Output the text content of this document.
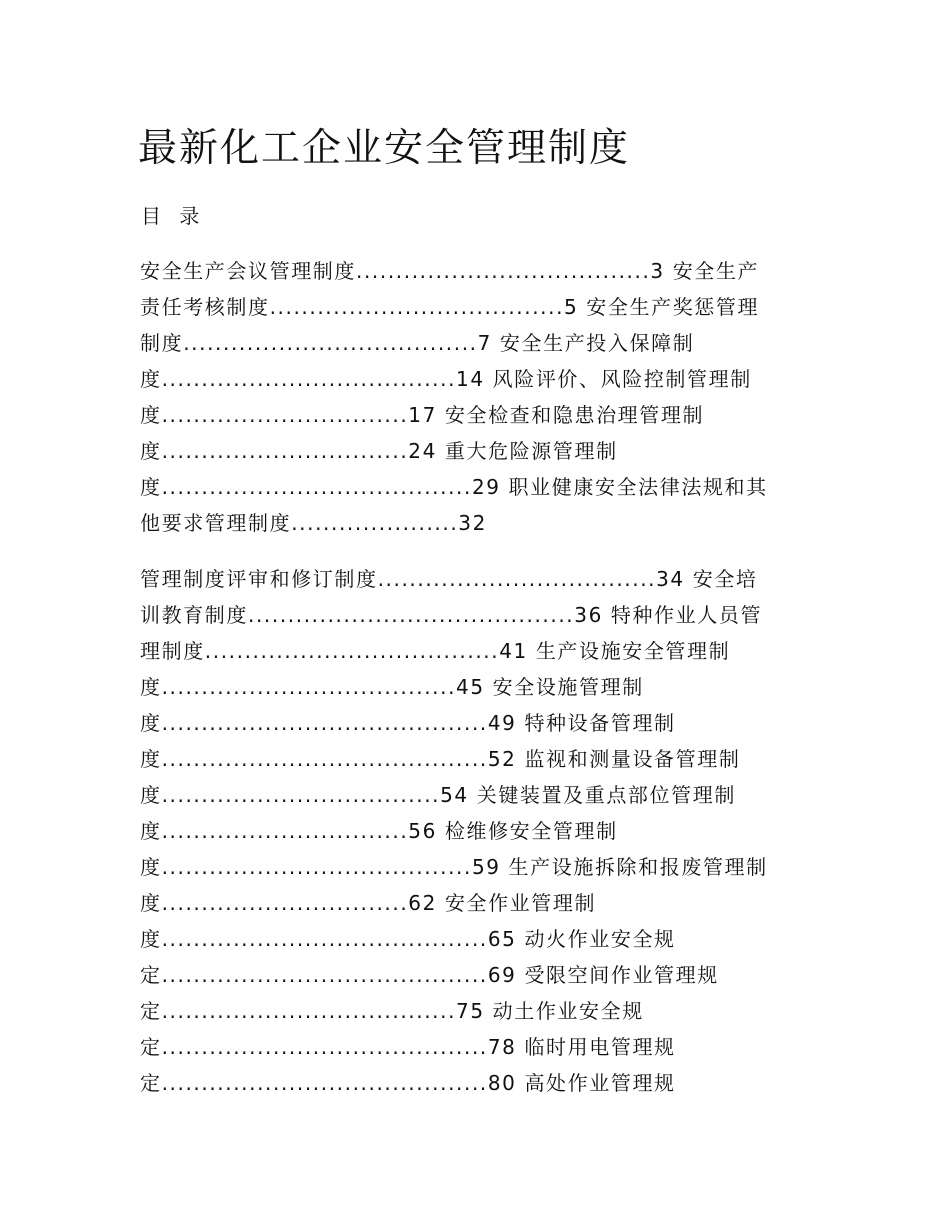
最新化工企业安全管理制度
目 录
安全生产会议管理制度.....................................3 安全生产
责任考核制度.....................................5 安全生产奖惩管理
制度.....................................7 安全生产投入保障制
度.....................................14 风险评价、风险控制管理制
度...............................17 安全检查和隐患治理管理制
度...............................24 重大危险源管理制
度.......................................29 职业健康安全法律法规和其
他要求管理制度.....................32
管理制度评审和修订制度...................................34 安全培
训教育制度.........................................36 特种作业人员管
理制度.....................................41 生产设施安全管理制
度.....................................45 安全设施管理制
度.........................................49 特种设备管理制
度.........................................52 监视和测量设备管理制
度...................................54 关键装置及重点部位管理制
度...............................56 检维修安全管理制
度.......................................59 生产设施拆除和报废管理制
度...............................62 安全作业管理制
度.........................................65 动火作业安全规
定.........................................69 受限空间作业管理规
定.....................................75 动土作业安全规
定.........................................78 临时用电管理规
定.........................................80 高处作业管理规
